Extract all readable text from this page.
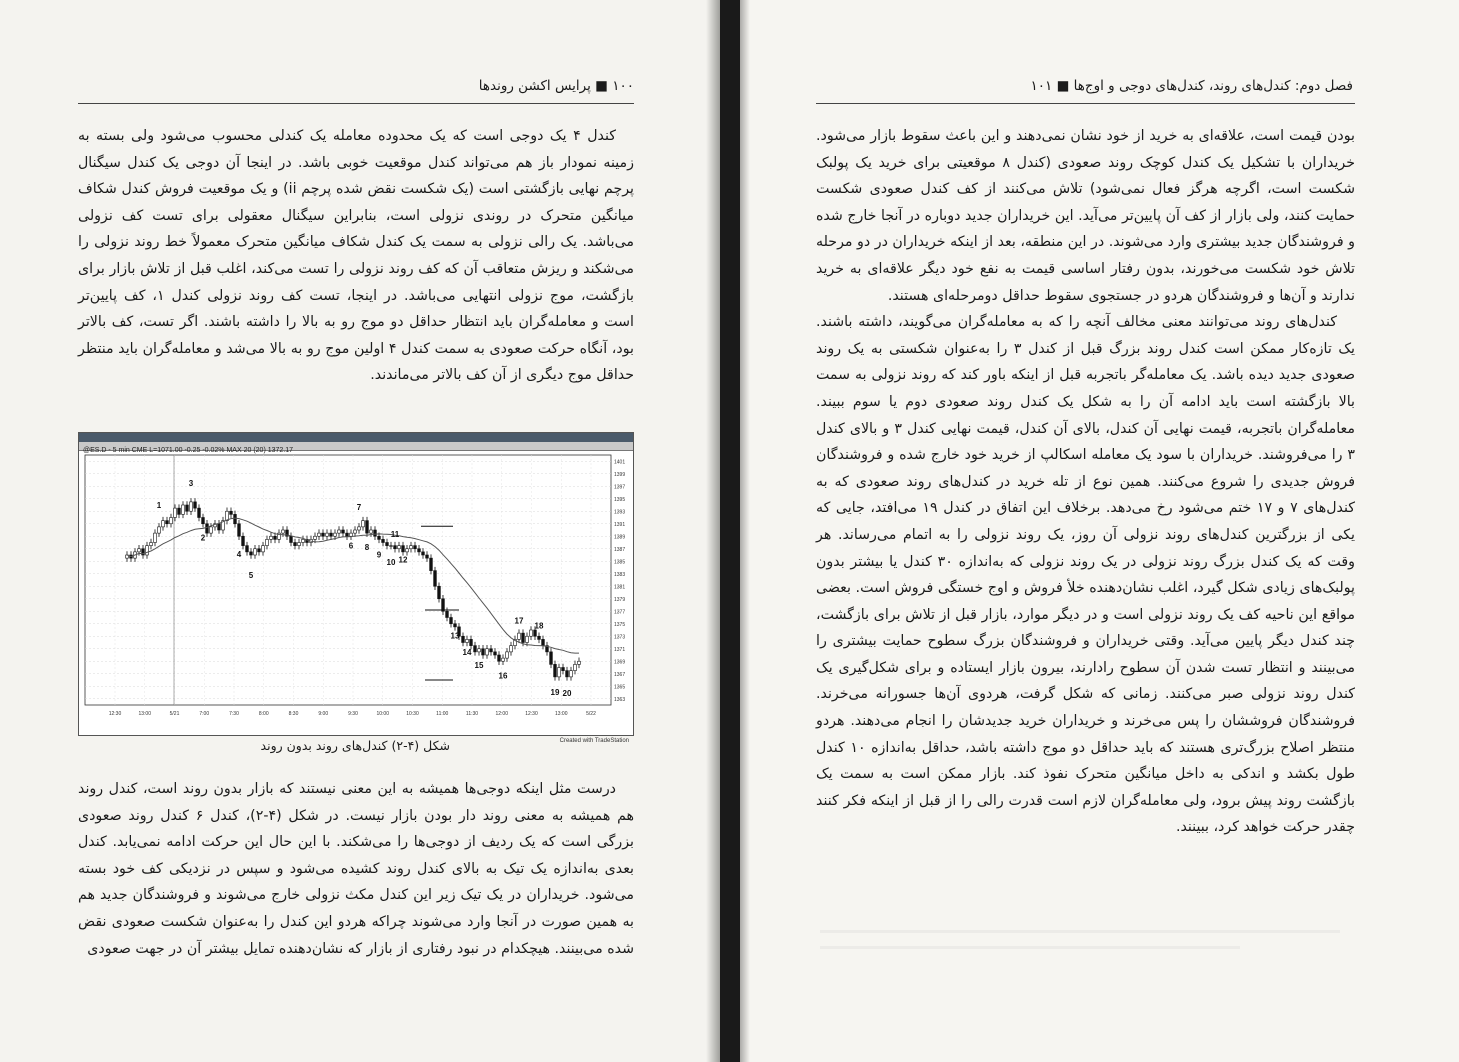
۱۰۰ ■ پرایس اکشن روندها

کندل ۴ یک دوجی است که یک محدوده معامله یک کندلی محسوب می‌شود ولی بسته به زمینه نمودار باز هم می‌تواند کندل موقعیت خوبی باشد. در اینجا آن دوجی یک کندل سیگنال پرچم نهایی بازگشتی است (یک شکست نقض شده پرچم ii) و یک موقعیت فروش کندل شکاف میانگین متحرک در روندی نزولی است، بنابراین سیگنال معقولی برای تست کف نزولی می‌باشد. یک رالی نزولی به سمت یک کندل شکاف میانگین متحرک معمولاً خط روند نزولی را می‌شکند و ریزش متعاقب آن که کف روند نزولی را تست می‌کند، اغلب قبل از تلاش بازار برای بازگشت، موج نزولی انتهایی می‌باشد. در اینجا، تست کف روند نزولی کندل ۱، کف پایین‌تر است و معامله‌گران باید انتظار حداقل دو موج رو به بالا را داشته باشند. اگر تست، کف بالاتر بود، آنگاه حرکت صعودی به سمت کندل ۴ اولین موج رو به بالا می‌شد و معامله‌گران باید منتظر حداقل موج دیگری از آن کف بالاتر می‌ماندند.

@ES.D - 5 min CME L=1071.00 -0.25 -0.02% MAX 20 (20) 1372.17
1401
1399
1397
1395
1393
1391
1389
1387
1385
1383
1381
1379
1377
1375
1373
1371
1369
1367
1365
1363
12:30	13:00	5/21	7:00	7:30	8:00	8:30	9:00	9:30	10:00	10:30	11:00	11:30	12:00	12:30	13:00	5/22
1
2
3
4
5
6
7
8
9
10
11
12
13
14
15
16
17
18
19 20
Created with TradeStation
شکل (۴-۲) کندل‌های روند بدون روند

درست مثل اینکه دوجی‌ها همیشه به این معنی نیستند که بازار بدون روند است، کندل روند هم همیشه به معنی روند دار بودن بازار نیست. در شکل (۴-۲)، کندل ۶ کندل روند صعودی بزرگی است که یک ردیف از دوجی‌ها را می‌شکند. با این حال این حرکت ادامه نمی‌یابد. کندل بعدی به‌اندازه یک تیک به بالای کندل روند کشیده می‌شود و سپس در نزدیکی کف خود بسته می‌شود. خریداران در یک تیک زیر این کندل مکث نزولی خارج می‌شوند و فروشندگان جدید هم به همین صورت در آنجا وارد می‌شوند چراکه هردو این کندل را به‌عنوان شکست صعودی نقض شده می‌بینند. هیچکدام در نبود رفتاری از بازار که نشان‌دهنده تمایل بیشتر آن در جهت صعودی

فصل دوم: کندل‌های روند، کندل‌های دوجی و اوج‌ها ■ ۱۰۱

بودن قیمت است، علاقه‌ای به خرید از خود نشان نمی‌دهند و این باعث سقوط بازار می‌شود. خریداران با تشکیل یک کندل کوچک روند صعودی (کندل ۸ موقعیتی برای خرید یک پولبک شکست است، اگرچه هرگز فعال نمی‌شود) تلاش می‌کنند از کف کندل صعودی شکست حمایت کنند، ولی بازار از کف آن پایین‌تر می‌آید. این خریداران جدید دوباره در آنجا خارج شده و فروشندگان جدید بیشتری وارد می‌شوند. در این منطقه، بعد از اینکه خریداران در دو مرحله تلاش خود شکست می‌خورند، بدون رفتار اساسی قیمت به نفع خود دیگر علاقه‌ای به خرید ندارند و آن‌ها و فروشندگان هردو در جستجوی سقوط حداقل دومرحله‌ای هستند.

کندل‌های روند می‌توانند معنی مخالف آنچه را که به معامله‌گران می‌گویند، داشته باشند. یک تازه‌کار ممکن است کندل روند بزرگ قبل از کندل ۳ را به‌عنوان شکستی به یک روند صعودی جدید دیده باشد. یک معامله‌گر باتجربه قبل از اینکه باور کند که روند نزولی به سمت بالا بازگشته است باید ادامه آن را به شکل یک کندل روند صعودی دوم یا سوم ببیند. معامله‌گران باتجربه، قیمت نهایی آن کندل، بالای آن کندل، قیمت نهایی کندل ۳ و بالای کندل ۳ را می‌فروشند. خریداران با سود یک معامله اسکالپ از خرید خود خارج شده و فروشندگان فروش جدیدی را شروع می‌کنند. همین نوع از تله خرید در کندل‌های روند صعودی که به کندل‌های ۷ و ۱۷ ختم می‌شود رخ می‌دهد. برخلاف این اتفاق در کندل ۱۹ می‌افتد، جایی که یکی از بزرگترین کندل‌های روند نزولی آن روز، یک روند نزولی را به اتمام می‌رساند. هر وقت که یک کندل بزرگ روند نزولی در یک روند نزولی که به‌اندازه ۳۰ کندل یا بیشتر بدون پولبک‌های زیادی شکل گیرد، اغلب نشان‌دهنده خلأ فروش و اوج خستگی فروش است. بعضی مواقع این ناحیه کف یک روند نزولی است و در دیگر موارد، بازار قبل از تلاش برای بازگشت، چند کندل دیگر پایین می‌آید. وقتی خریداران و فروشندگان بزرگ سطوح حمایت بیشتری را می‌بینند و انتظار تست شدن آن سطوح رادارند، بیرون بازار ایستاده و برای شکل‌گیری یک کندل روند نزولی صبر می‌کنند. زمانی که شکل گرفت، هردوی آن‌ها جسورانه می‌خرند. فروشندگان فروششان را پس می‌خرند و خریداران خرید جدیدشان را انجام می‌دهند. هردو منتظر اصلاح بزرگ‌تری هستند که باید حداقل دو موج داشته باشد، حداقل به‌اندازه ۱۰ کندل طول بکشد و اندکی به داخل میانگین متحرک نفوذ کند. بازار ممکن است به سمت یک بازگشت روند پیش برود، ولی معامله‌گران لازم است قدرت رالی را از قبل از اینکه فکر کنند چقدر حرکت خواهد کرد، ببینند.
